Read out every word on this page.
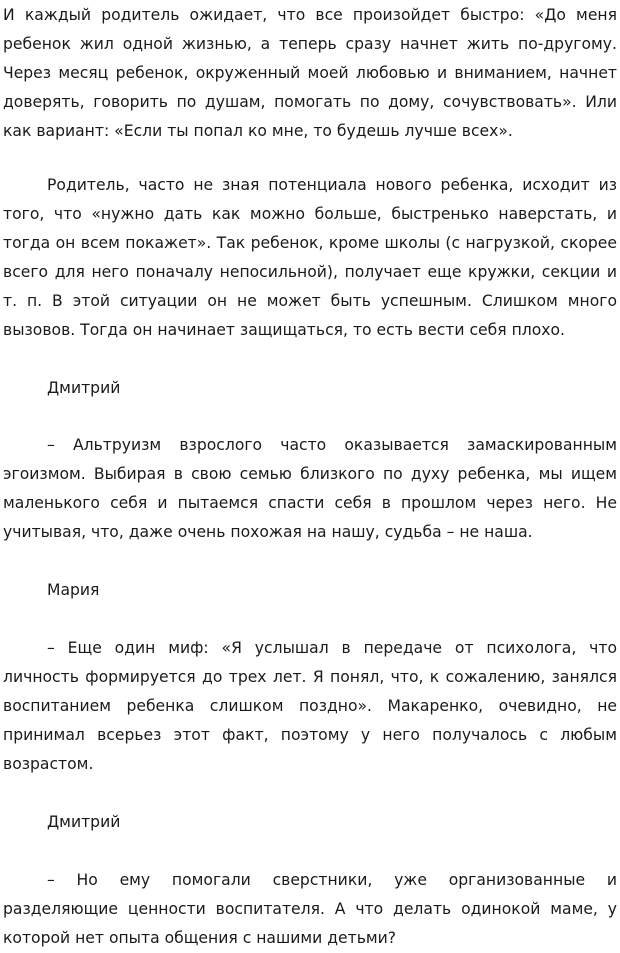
И каждый родитель ожидает, что все произойдет быстро: «До меня ребенок жил одной жизнью, а теперь сразу начнет жить по-другому. Через месяц ребенок, окруженный моей любовью и вниманием, начнет доверять, говорить по душам, помогать по дому, сочувствовать». Или как вариант: «Если ты попал ко мне, то будешь лучше всех».

Родитель, часто не зная потенциала нового ребенка, исходит из того, что «нужно дать как можно больше, быстренько наверстать, и тогда он всем покажет». Так ребенок, кроме школы (с нагрузкой, скорее всего для него поначалу непосильной), получает еще кружки, секции и т. п. В этой ситуации он не может быть успешным. Слишком много вызовов. Тогда он начинает защищаться, то есть вести себя плохо.

Дмитрий

– Альтруизм взрослого часто оказывается замаскированным эгоизмом. Выбирая в свою семью близкого по духу ребенка, мы ищем маленького себя и пытаемся спасти себя в прошлом через него. Не учитывая, что, даже очень похожая на нашу, судьба – не наша.

Мария

– Еще один миф: «Я услышал в передаче от психолога, что личность формируется до трех лет. Я понял, что, к сожалению, занялся воспитанием ребенка слишком поздно». Макаренко, очевидно, не принимал всерьез этот факт, поэтому у него получалось с любым возрастом.

Дмитрий

– Но ему помогали сверстники, уже организованные и разделяющие ценности воспитателя. А что делать одинокой маме, у которой нет опыта общения с нашими детьми?
